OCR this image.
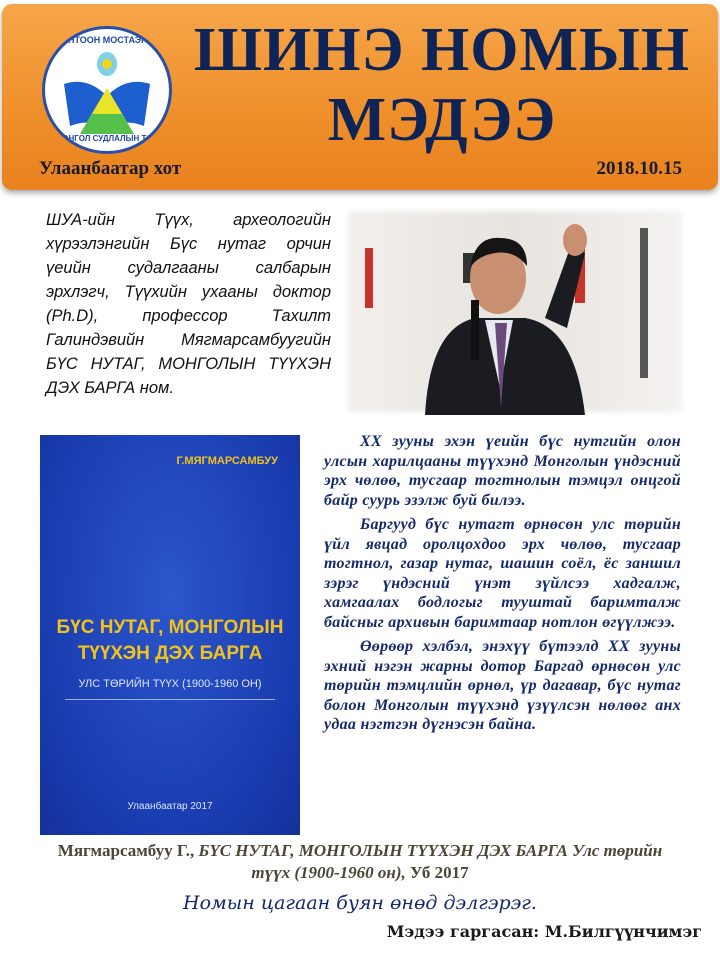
АНТООН МОСТАЭРТ
МОНГОЛ СУДЛАЛЫН ТӨВ
ШИНЭ НОМЫН
МЭДЭЭ
Улаанбаатар хот	2018.10.15
ШУА-ийн Түүх, археологийн хүрээлэнгийн Бүс нутаг орчин үеийн судалгааны салбарын эрхлэгч, Түүхийн ухааны доктор (Ph.D), профессор Тахилт Галиндэвийн Мягмарсамбуугийн БҮС НУТАГ, МОНГОЛЫН ТҮҮХЭН ДЭХ БАРГА ном.
Г.МЯГМАРСАМБУУ
БҮС НУТАГ, МОНГОЛЫН ТҮҮХЭН ДЭХ БАРГА
УЛС ТӨРИЙН ТҮҮХ (1900-1960 ОН)
Улаанбаатар 2017

XX зууны эхэн үеийн бүс нутгийн олон улсын харилцааны түүхэнд Монголын үндэсний эрх чөлөө, тусгаар тогтнолын тэмцэл онцгой байр суурь эзэлж буй билээ.

Баргууд бүс нутагт өрнөсөн улс төрийн үйл явцад оролцохдоо эрх чөлөө, тусгаар тогтнол, газар нутаг, шашин соёл, ёс заншил зэрэг үндэсний үнэт зүйлсээ хадгалж, хамгаалах бодлогыг тууштай баримталж байсныг архивын баримтаар нотлон өгүүлжээ.

Өөрөөр хэлбэл, энэхүү бүтээлд XX зууны эхний нэгэн жарны дотор Баргад өрнөсөн улс төрийн тэмцлийн өрнөл, үр дагавар, бүс нутаг болон Монголын түүхэнд үзүүлсэн нөлөөг анх удаа нэгтгэн дүгнэсэн байна.

Мягмарсамбуу Г., БҮС НУТАГ, МОНГОЛЫН ТҮҮХЭН ДЭХ БАРГА Улс төрийн түүх (1900-1960 он), Уб 2017
Номын цагаан буян өнөд дэлгэрэг.
Мэдээ гаргасан: М.Билгүүнчимэг
